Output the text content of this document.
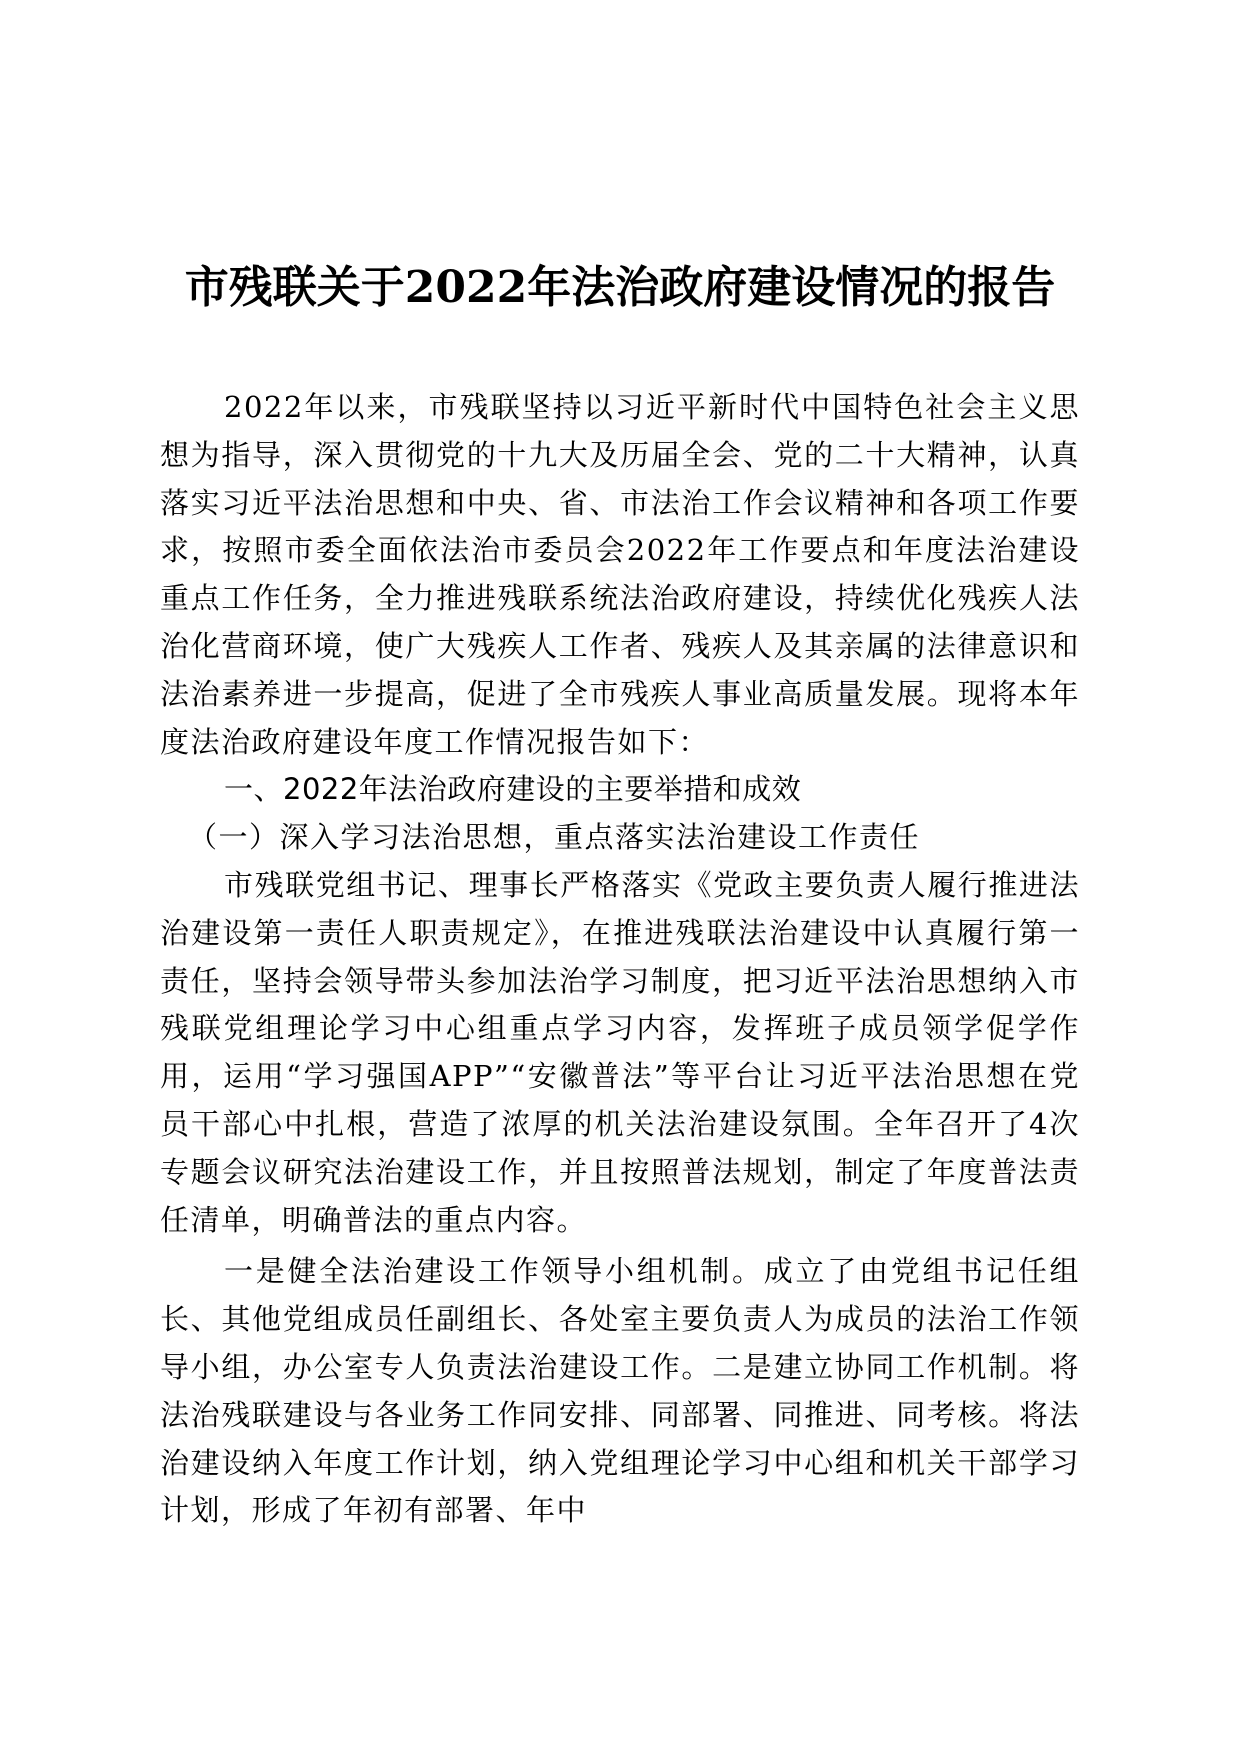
市残联关于2022年法治政府建设情况的报告

2022年以来，市残联坚持以习近平新时代中国特色社会主义思想为指导，深入贯彻党的十九大及历届全会、党的二十大精神，认真落实习近平法治思想和中央、省、市法治工作会议精神和各项工作要求，按照市委全面依法治市委员会2022年工作要点和年度法治建设重点工作任务，全力推进残联系统法治政府建设，持续优化残疾人法治化营商环境，使广大残疾人工作者、残疾人及其亲属的法律意识和法治素养进一步提高，促进了全市残疾人事业高质量发展。现将本年度法治政府建设年度工作情况报告如下：

一、2022年法治政府建设的主要举措和成效

（一）深入学习法治思想，重点落实法治建设工作责任

市残联党组书记、理事长严格落实《党政主要负责人履行推进法治建设第一责任人职责规定》，在推进残联法治建设中认真履行第一责任，坚持会领导带头参加法治学习制度，把习近平法治思想纳入市残联党组理论学习中心组重点学习内容，发挥班子成员领学促学作用，运用“学习强国APP”“安徽普法”等平台让习近平法治思想在党员干部心中扎根，营造了浓厚的机关法治建设氛围。全年召开了4次专题会议研究法治建设工作，并且按照普法规划，制定了年度普法责任清单，明确普法的重点内容。

一是健全法治建设工作领导小组机制。成立了由党组书记任组长、其他党组成员任副组长、各处室主要负责人为成员的法治工作领导小组，办公室专人负责法治建设工作。二是建立协同工作机制。将法治残联建设与各业务工作同安排、同部署、同推进、同考核。将法治建设纳入年度工作计划，纳入党组理论学习中心组和机关干部学习计划，形成了年初有部署、年中
